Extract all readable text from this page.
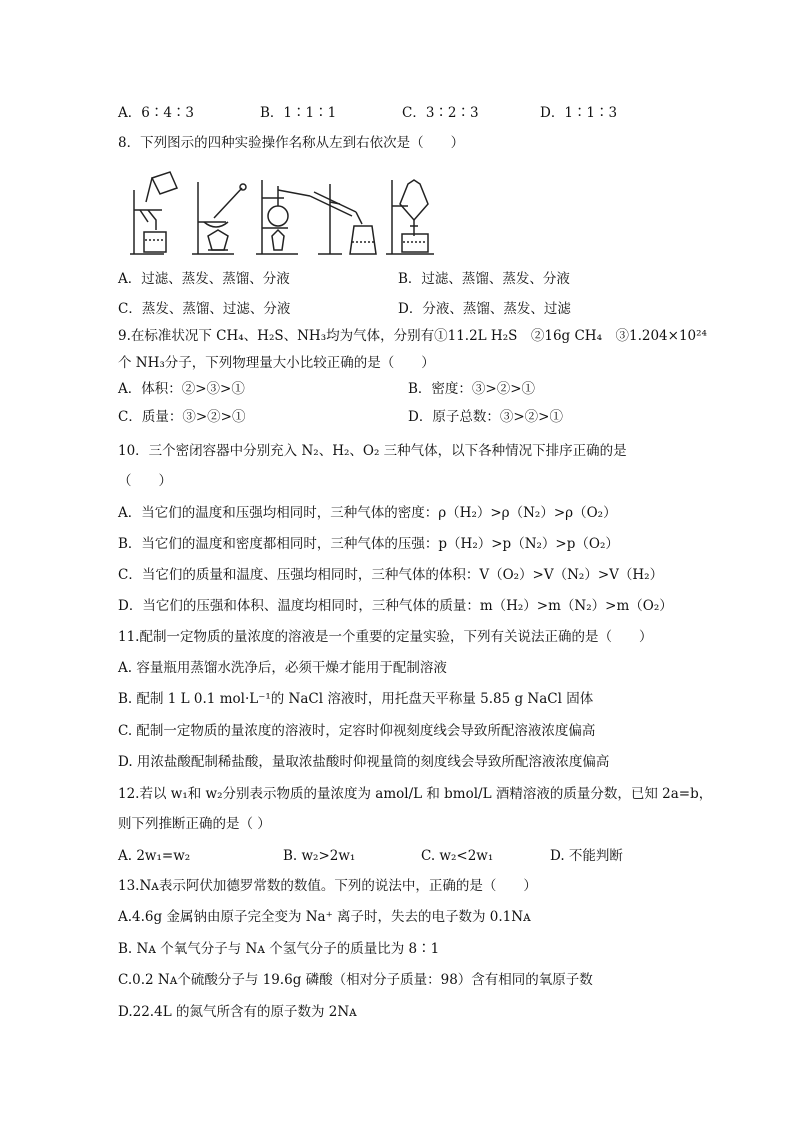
A．6∶4∶3	B．1∶1∶1	C．3∶2∶3	D．1∶1∶3
8．下列图示的四种实验操作名称从左到右依次是（　　）
A．过滤、蒸发、蒸馏、分液	B．过滤、蒸馏、蒸发、分液
C．蒸发、蒸馏、过滤、分液	D．分液、蒸馏、蒸发、过滤
9.在标准状况下 CH₄、H₂S、NH₃均为气体，分别有①11.2L H₂S　②16g CH₄　③1.204×10²⁴
个 NH₃分子，下列物理量大小比较正确的是（　　）
A．体积：②>③>①	B．密度：③>②>①
C．质量：③>②>①	D．原子总数：③>②>①
10．三个密闭容器中分别充入 N₂、H₂、O₂ 三种气体，以下各种情况下排序正确的是
（　　）
A．当它们的温度和压强均相同时，三种气体的密度：ρ（H₂）>ρ（N₂）>ρ（O₂）
B．当它们的温度和密度都相同时，三种气体的压强：p（H₂）>p（N₂）>p（O₂）
C．当它们的质量和温度、压强均相同时，三种气体的体积：V（O₂）>V（N₂）>V（H₂）
D．当它们的压强和体积、温度均相同时，三种气体的质量：m（H₂）>m（N₂）>m（O₂）
11.配制一定物质的量浓度的溶液是一个重要的定量实验，下列有关说法正确的是（　　）
A. 容量瓶用蒸馏水洗净后，必须干燥才能用于配制溶液
B. 配制 1 L 0.1 mol·L⁻¹的 NaCl 溶液时，用托盘天平称量 5.85 g NaCl 固体
C. 配制一定物质的量浓度的溶液时，定容时仰视刻度线会导致所配溶液浓度偏高
D. 用浓盐酸配制稀盐酸，量取浓盐酸时仰视量筒的刻度线会导致所配溶液浓度偏高
12.若以 w₁和 w₂分别表示物质的量浓度为 amol/L 和 bmol/L 酒精溶液的质量分数，已知 2a=b，
则下列推断正确的是（ ）
A. 2w₁=w₂	B. w₂>2w₁	C. w₂<2w₁	D. 不能判断
13.Nᴀ表示阿伏加德罗常数的数值。下列的说法中，正确的是（　　）
A.4.6g 金属钠由原子完全变为 Na⁺ 离子时，失去的电子数为 0.1Nᴀ
B. Nᴀ 个氧气分子与 Nᴀ 个氢气分子的质量比为 8∶1
C.0.2 Nᴀ个硫酸分子与 19.6g 磷酸（相对分子质量：98）含有相同的氧原子数
D.22.4L 的氮气所含有的原子数为 2Nᴀ
